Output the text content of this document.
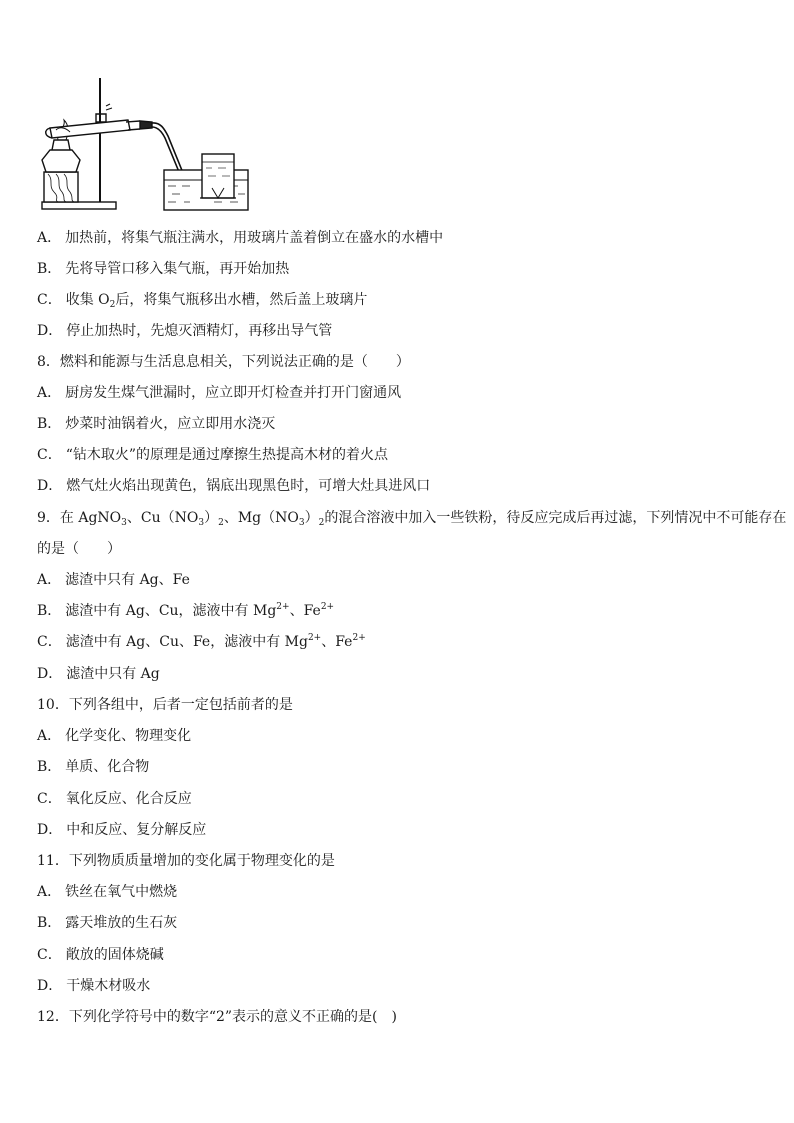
A． 加热前，将集气瓶注满水，用玻璃片盖着倒立在盛水的水槽中
B． 先将导管口移入集气瓶，再开始加热
C． 收集 $O_2$后，将集气瓶移出水槽，然后盖上玻璃片
D． 停止加热时，先熄灭酒精灯，再移出导气管
8．燃料和能源与生活息息相关，下列说法正确的是（　　）
A． 厨房发生煤气泄漏时，应立即开灯检查并打开门窗通风
B． 炒菜时油锅着火，应立即用水浇灭
C． “钻木取火”的原理是通过摩擦生热提高木材的着火点
D． 燃气灶火焰出现黄色，锅底出现黑色时，可增大灶具进风口
9．在 AgNO$_3$、$Cu(NO_3)_2$、$Mg(NO_3)_2$的混合溶液中加入一些铁粉，待反应完成后再过滤，下列情况中不可能存在
的是（　　）
A． 滤渣中只有 Ag、Fe
B． 滤渣中有 Ag、Cu，滤液中有 $Mg^{2+}$、$Fe^{2+}$
C． 滤渣中有 Ag、Cu、Fe，滤液中有 $Mg^{2+}$、$Fe^{2+}$
D． 滤渣中只有 Ag
10．下列各组中，后者一定包括前者的是
A． 化学变化、物理变化
B． 单质、化合物
C． 氧化反应、化合反应
D． 中和反应、复分解反应
11．下列物质质量增加的变化属于物理变化的是
A． 铁丝在氧气中燃烧
B． 露天堆放的生石灰
C． 敞放的固体烧碱
D． 干燥木材吸水
12．下列化学符号中的数字“2”表示的意义不正确的是(　)
